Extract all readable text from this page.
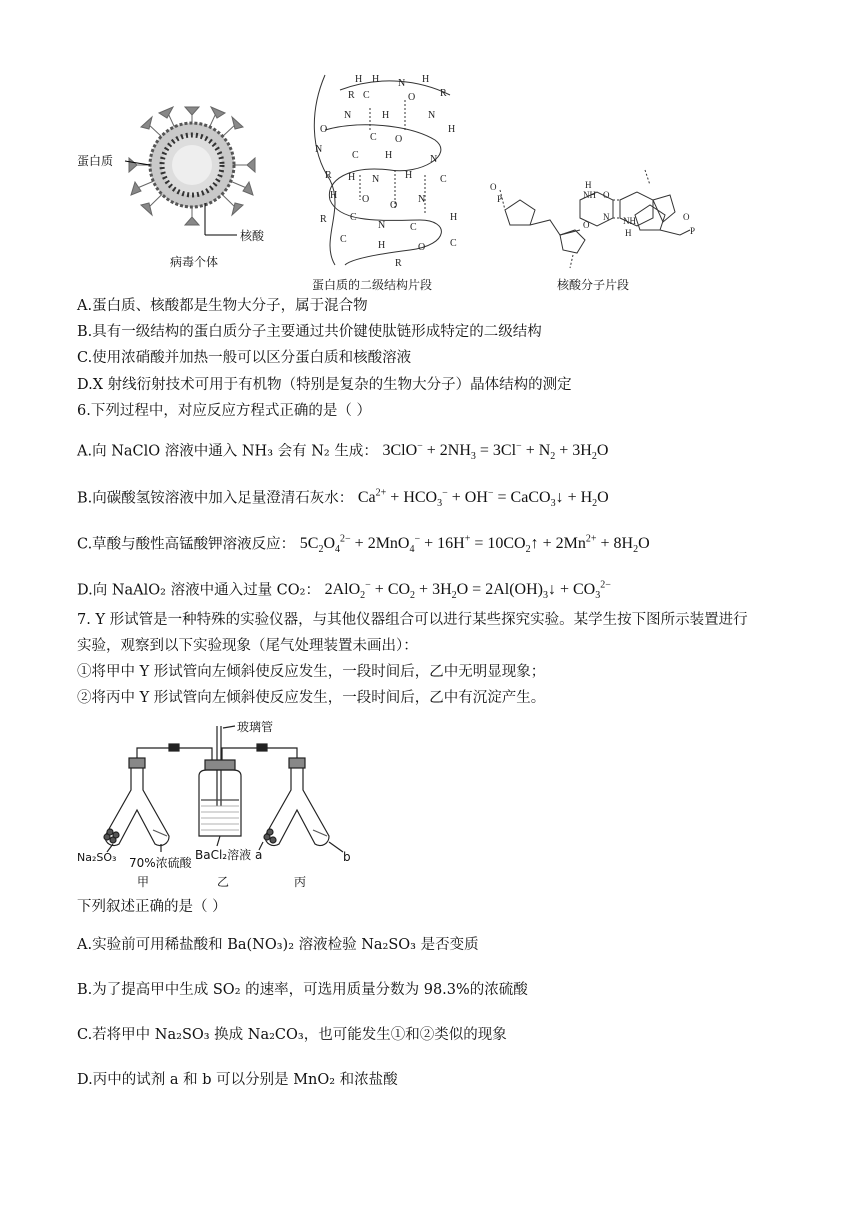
蛋白质
核酸
病毒个体
H H N H
R C	O R
N	H	N
O
C O
H
N
C	H	N
R H N	H	C
H O
O
N
R C
N C
H
C
H	O C
R
蛋白质的二级结构片段
O
P
H
NH O
N
O	NH
H
O
P
核酸分子片段
A.蛋白质、核酸都是生物大分子，属于混合物
B.具有一级结构的蛋白质分子主要通过共价键使肽链形成特定的二级结构
C.使用浓硝酸并加热一般可以区分蛋白质和核酸溶液
D.X 射线衍射技术可用于有机物（特别是复杂的生物大分子）晶体结构的测定
6.下列过程中，对应反应方程式正确的是（ ）
A.向 NaClO 溶液中通入 NH₃ 会有 N₂ 生成： $3ClO^- + 2NH_3 = 3Cl^- + N_2 + 3H_2O$
B.向碳酸氢铵溶液中加入足量澄清石灰水： $Ca^{2+} + HCO_3^- + OH^-$ = CaCO$_3$↓ + $H_2O$
C.草酸与酸性高锰酸钾溶液反应： $5C_2O_4^{2-} + 2MnO_4^- + 16H^+$ = $10CO_2↑ + 2Mn^{2+} + 8H_2O$
D.向 NaAlO₂ 溶液中通入过量 CO₂： $2AlO_2^- + CO_2 + 3H_2O$ = $2Al(OH)_3↓ + CO_3^{2-}$
7. Y 形试管是一种特殊的实验仪器，与其他仪器组合可以进行某些探究实验。某学生按下图所示装置进行
实验，观察到以下实验现象（尾气处理装置未画出）：
①将甲中 Y 形试管向左倾斜使反应发生，一段时间后，乙中无明显现象；
②将丙中 Y 形试管向左倾斜使反应发生，一段时间后，乙中有沉淀产生。
玻璃管
Na₂SO₃ 70%浓硫酸
BaCl₂溶液 a	b
甲	乙	丙
下列叙述正确的是（ ）
A.实验前可用稀盐酸和 Ba(NO₃)₂ 溶液检验 Na₂SO₃ 是否变质
B.为了提高甲中生成 SO₂ 的速率，可选用质量分数为 98.3%的浓硫酸
C.若将甲中 Na₂SO₃ 换成 Na₂CO₃，也可能发生①和②类似的现象
D.丙中的试剂 a 和 b 可以分别是 MnO₂ 和浓盐酸
